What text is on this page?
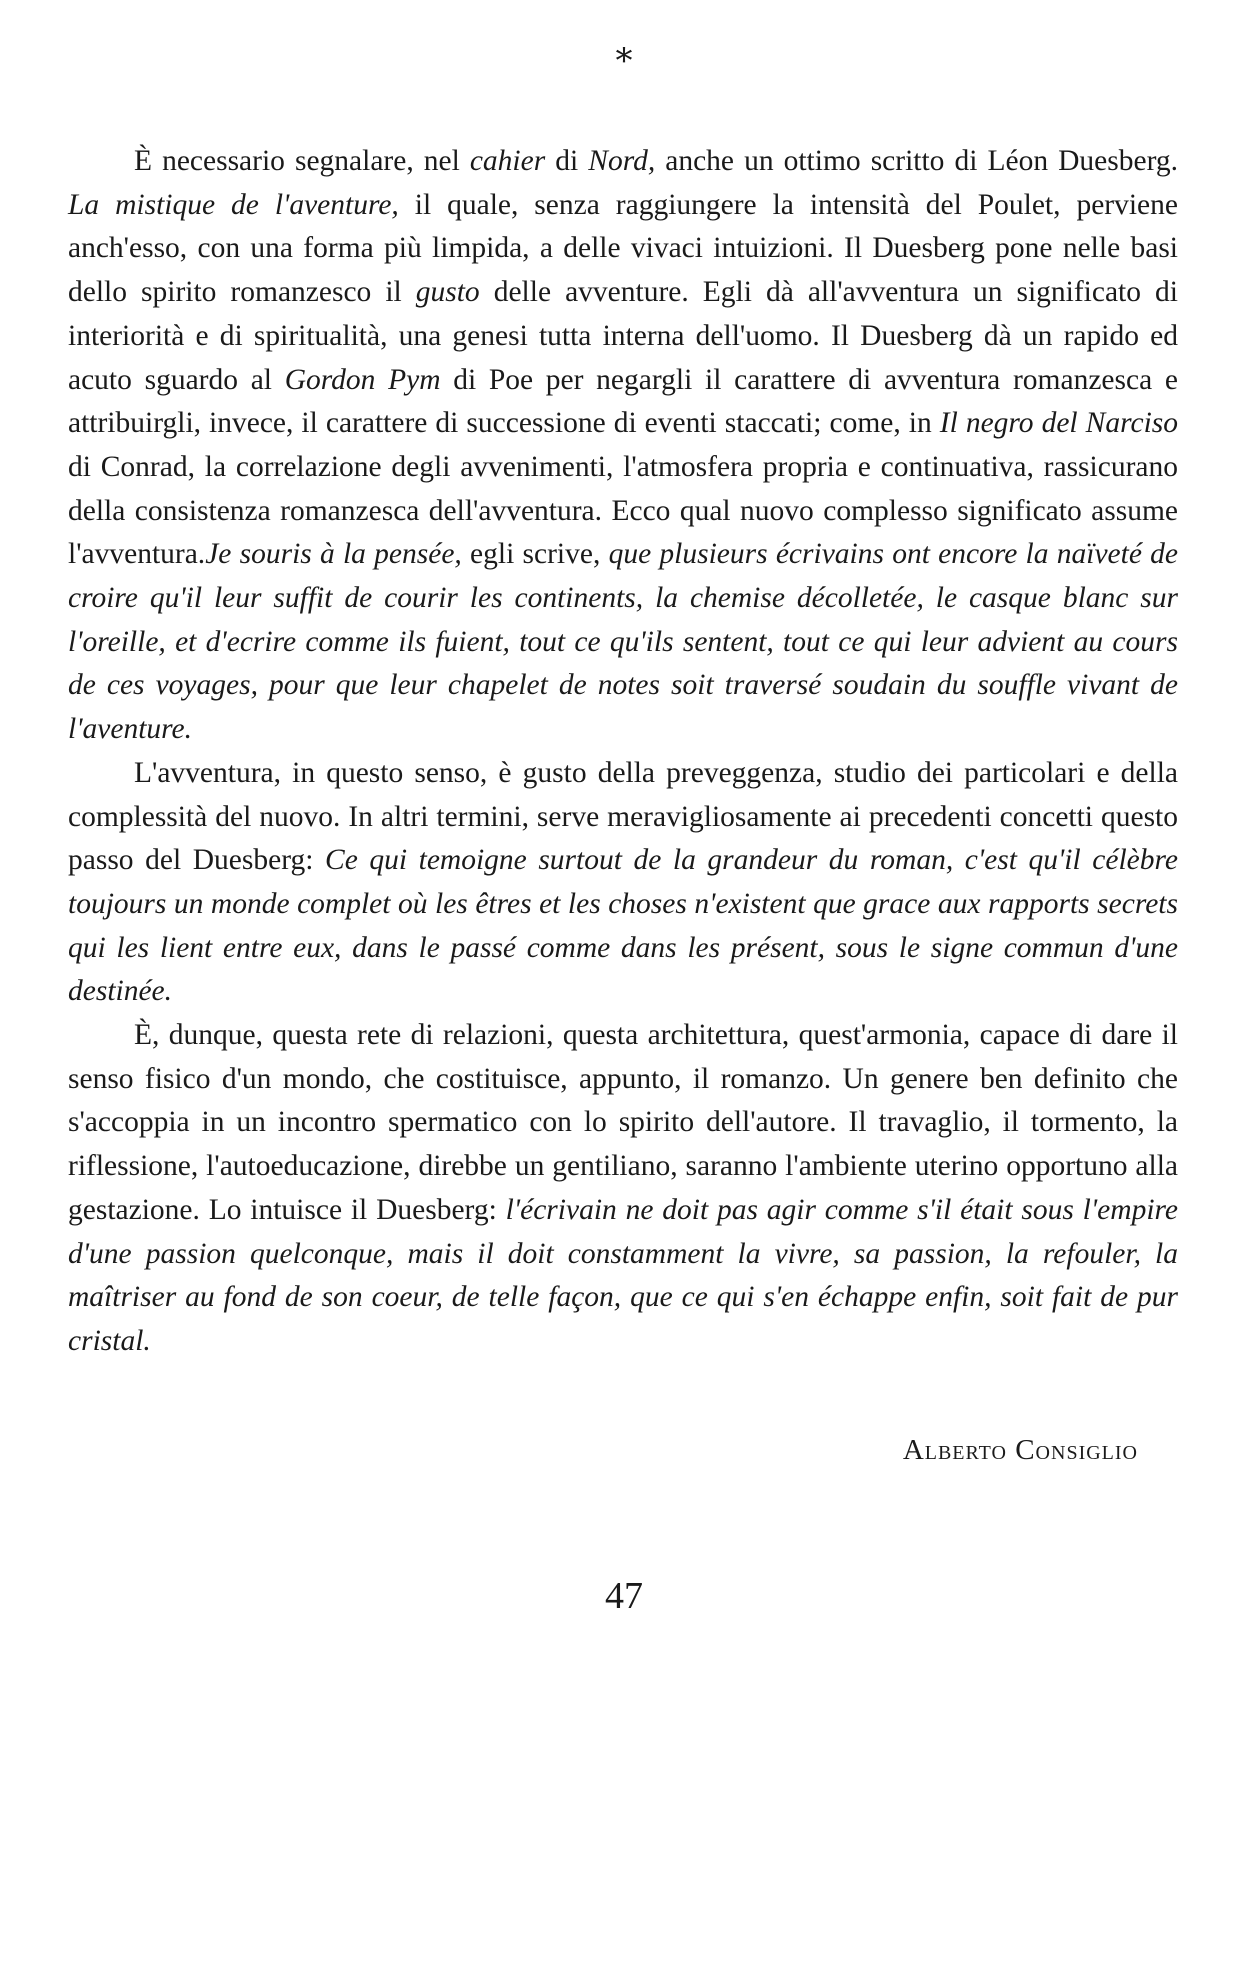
*

È necessario segnalare, nel cahier di Nord, anche un ottimo scritto di Léon Duesberg. La mistique de l'aventure, il quale, senza raggiungere la intensità del Poulet, perviene anch'esso, con una forma più limpida, a delle vivaci intuizioni. Il Duesberg pone nelle basi dello spirito romanzesco il gusto delle avventure. Egli dà all'avventura un significato di interiorità e di spiritualità, una genesi tutta interna dell'uomo. Il Duesberg dà un rapido ed acuto sguardo al Gordon Pym di Poe per negargli il carattere di avventura romanzesca e attribuirgli, invece, il carattere di successione di eventi staccati; come, in Il negro del Narciso di Conrad, la correlazione degli avvenimenti, l'atmosfera propria e continuativa, rassicurano della consistenza romanzesca dell'avventura. Ecco qual nuovo complesso significato assume l'avventura.Je souris à la pensée, egli scrive, que plusieurs écrivains ont encore la naïveté de croire qu'il leur suffit de courir les continents, la chemise décolletée, le casque blanc sur l'oreille, et d'ecrire comme ils fuient, tout ce qu'ils sentent, tout ce qui leur advient au cours de ces voyages, pour que leur chapelet de notes soit traversé soudain du souffle vivant de l'aventure.

L'avventura, in questo senso, è gusto della preveggenza, studio dei particolari e della complessità del nuovo. In altri termini, serve meravigliosamente ai precedenti concetti questo passo del Duesberg: Ce qui temoigne surtout de la grandeur du roman, c'est qu'il célèbre toujours un monde complet où les êtres et les choses n'existent que grace aux rapports secrets qui les lient entre eux, dans le passé comme dans les présent, sous le signe commun d'une destinée.

È, dunque, questa rete di relazioni, questa architettura, quest'armonia, capace di dare il senso fisico d'un mondo, che costituisce, appunto, il romanzo. Un genere ben definito che s'accoppia in un incontro spermatico con lo spirito dell'autore. Il travaglio, il tormento, la riflessione, l'autoeducazione, direbbe un gentiliano, saranno l'ambiente uterino opportuno alla gestazione. Lo intuisce il Duesberg: l'écrivain ne doit pas agir comme s'il était sous l'empire d'une passion quelconque, mais il doit constamment la vivre, sa passion, la refouler, la maîtriser au fond de son coeur, de telle façon, que ce qui s'en échappe enfin, soit fait de pur cristal.

Alberto Consiglio
47
